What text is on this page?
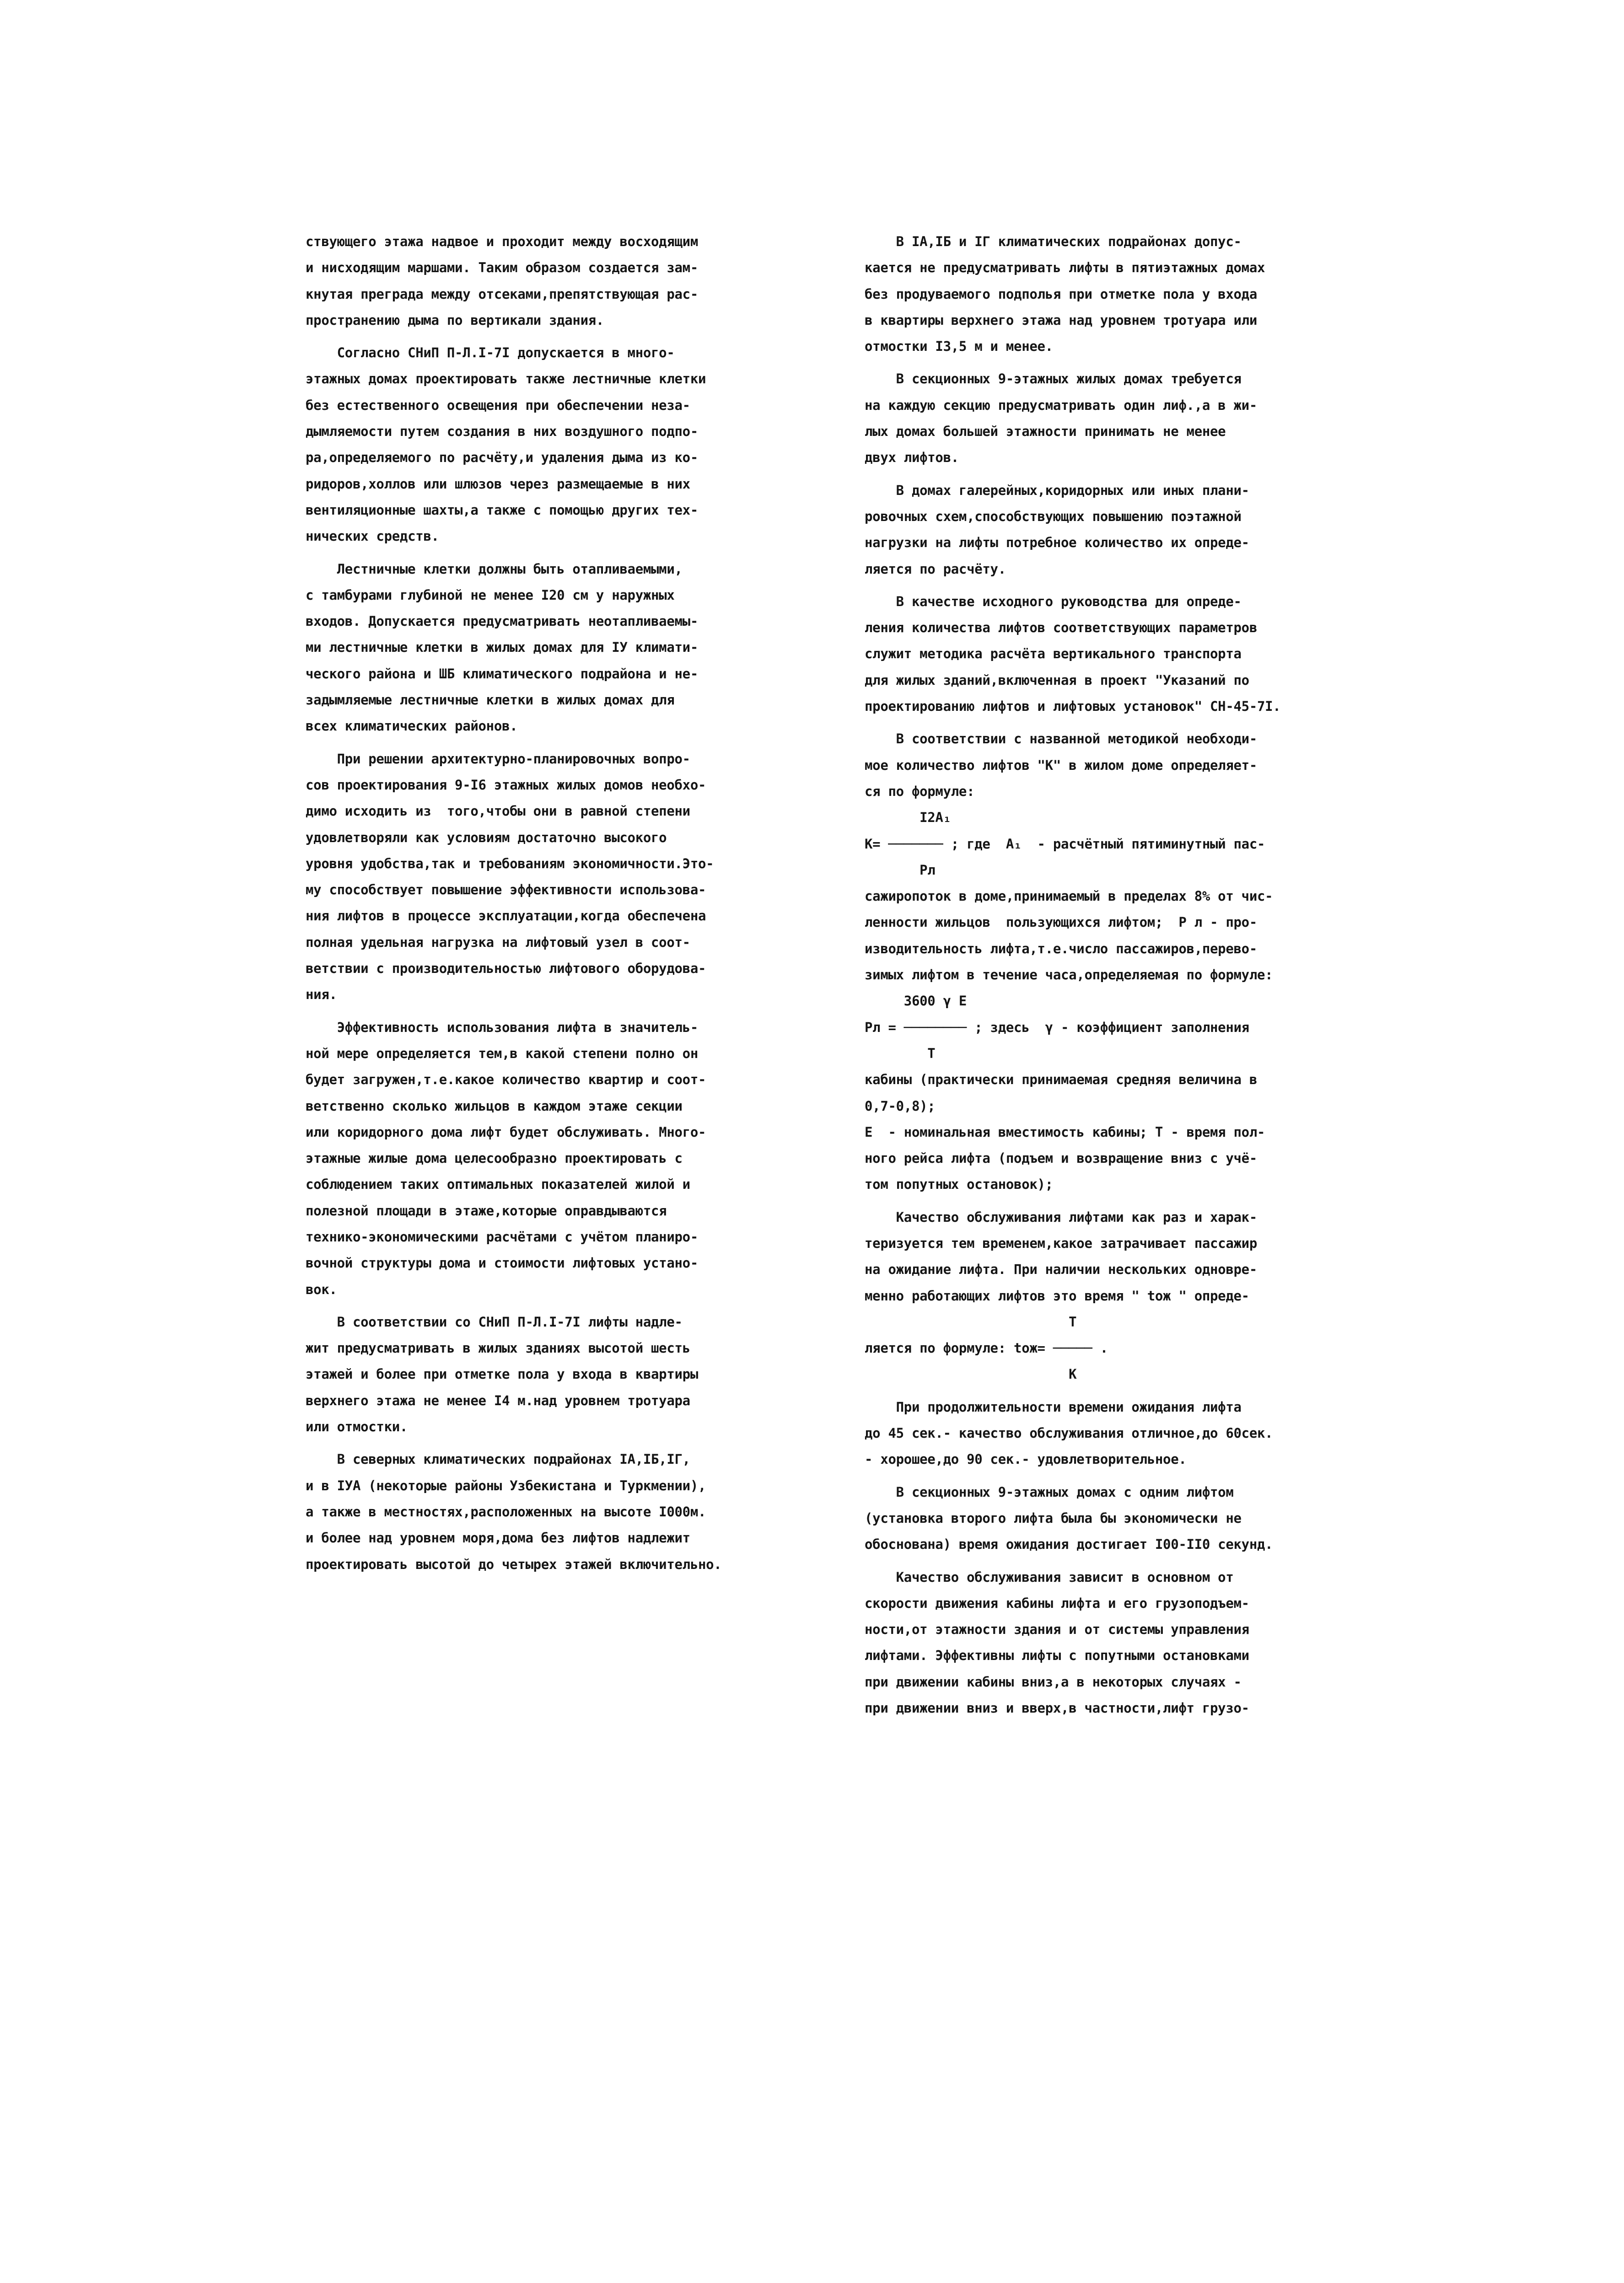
ствующего этажа надвое и проходит между восходящим
и нисходящим маршами. Таким образом создается зам-
кнутая преграда между отсеками,препятствующая рас-
пространению дыма по вертикали здания.
Согласно СНиП П-Л.I-7I допускается в много-
этажных домах проектировать также лестничные клетки
без естественного освещения при обеспечении неза-
дымляемости путем создания в них воздушного подпо-
ра,определяемого по расчёту,и удаления дыма из ко-
ридоров,холлов или шлюзов через размещаемые в них
вентиляционные шахты,а также с помощью других тех-
нических средств.
Лестничные клетки должны быть отапливаемыми,
с тамбурами глубиной не менее I20 см у наружных
входов. Допускается предусматривать неотапливаемы-
ми лестничные клетки в жилых домах для IУ климати-
ческого района и ШБ климатического подрайона и не-
задымляемые лестничные клетки в жилых домах для
всех климатических районов.
При решении архитектурно-планировочных вопро-
сов проектирования 9-I6 этажных жилых домов необхо-
димо исходить из  того,чтобы они в равной степени
удовлетворяли как условиям достаточно высокого
уровня удобства,так и требованиям экономичности.Это-
му способствует повышение эффективности использова-
ния лифтов в процессе эксплуатации,когда обеспечена
полная удельная нагрузка на лифтовый узел в соот-
ветствии с производительностью лифтового оборудова-
ния.
Эффективность использования лифта в значитель-
ной мере определяется тем,в какой степени полно он
будет загружен,т.е.какое количество квартир и соот-
ветственно сколько жильцов в каждом этаже секции
или коридорного дома лифт будет обслуживать. Много-
этажные жилые дома целесообразно проектировать с
соблюдением таких оптимальных показателей жилой и
полезной площади в этаже,которые оправдываются
технико-экономическими расчётами с учётом планиро-
вочной структуры дома и стоимости лифтовых устано-
вок.
В соответствии со СНиП П-Л.I-7I лифты надле-
жит предусматривать в жилых зданиях высотой шесть
этажей и более при отметке пола у входа в квартиры
верхнего этажа не менее I4 м.над уровнем тротуара
или отмостки.
В северных климатических подрайонах IA,IБ,IГ,
и в IУА (некоторые районы Узбекистана и Туркмении),
а также в местностях,расположенных на высоте I000м.
и более над уровнем моря,дома без лифтов надлежит
проектировать высотой до четырех этажей включительно.
В IA,IБ и IГ климатических подрайонах допус-
кается не предусматривать лифты в пятиэтажных домах
без продуваемого подполья при отметке пола у входа
в квартиры верхнего этажа над уровнем тротуара или
отмостки I3,5 м и менее.
В секционных 9-этажных жилых домах требуется
на каждую секцию предусматривать один лиф.,а в жи-
лых домах большей этажности принимать не менее
двух лифтов.
В домах галерейных,коридорных или иных плани-
ровочных схем,способствующих повышению поэтажной
нагрузки на лифты потребное количество их опреде-
ляется по расчёту.
В качестве исходного руководства для опреде-
ления количества лифтов соответствующих параметров
служит методика расчёта вертикального транспорта
для жилых зданий,включенная в проект "Указаний по
проектированию лифтов и лифтовых установок" СН-45-7I.
В соответствии с названной методикой необходи-
мое количество лифтов "К" в жилом доме определяет-
ся по формуле:
I2A₁
К= ─────── ; где  A₁  - расчётный пятиминутный пас-
Pл
сажиропоток в доме,принимаемый в пределах 8% от чис-
ленности жильцов  пользующихся лифтом;  Р л - про-
изводительность лифта,т.е.число пассажиров,перево-
зимых лифтом в течение часа,определяемая по формуле:
3600 γ E
Рл = ──────── ; здесь  γ - коэффициент заполнения
T
кабины (практически принимаемая средняя величина в
0,7-0,8);
Е  - номинальная вместимость кабины; Т - время пол-
ного рейса лифта (подъем и возвращение вниз с учё-
том попутных остановок);
Качество обслуживания лифтами как раз и харак-
теризуется тем временем,какое затрачивает пассажир
на ожидание лифта. При наличии нескольких одновре-
менно работающих лифтов это время " tож " опреде-
T
ляется по формуле: tож= ───── .
K
При продолжительности времени ожидания лифта
до 45 сек.- качество обслуживания отличное,до 60сек.
- хорошее,до 90 сек.- удовлетворительное.
В секционных 9-этажных домах с одним лифтом
(установка второго лифта была бы экономически не
обоснована) время ожидания достигает I00-II0 секунд.
Качество обслуживания зависит в основном от
скорости движения кабины лифта и его грузоподъем-
ности,от этажности здания и от системы управления
лифтами. Эффективны лифты с попутными остановками
при движении кабины вниз,а в некоторых случаях -
при движении вниз и вверх,в частности,лифт грузо-
